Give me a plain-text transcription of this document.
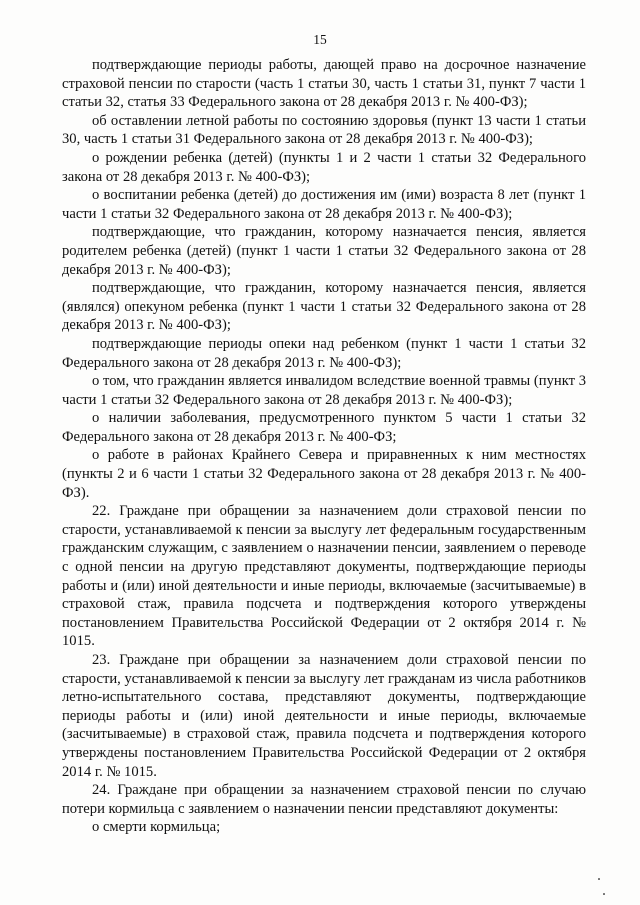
15

подтверждающие периоды работы, дающей право на досрочное назначение страховой пенсии по старости (часть 1 статьи 30, часть 1 статьи 31, пункт 7 части 1 статьи 32, статья 33 Федерального закона от 28 декабря 2013 г. № 400-ФЗ);

об оставлении летной работы по состоянию здоровья (пункт 13 части 1 статьи 30, часть 1 статьи 31 Федерального закона от 28 декабря 2013 г. № 400-ФЗ);

о рождении ребенка (детей) (пункты 1 и 2 части 1 статьи 32 Федерального закона от 28 декабря 2013 г. № 400-ФЗ);

о воспитании ребенка (детей) до достижения им (ими) возраста 8 лет (пункт 1 части 1 статьи 32 Федерального закона от 28 декабря 2013 г. № 400-ФЗ);

подтверждающие, что гражданин, которому назначается пенсия, является родителем ребенка (детей) (пункт 1 части 1 статьи 32 Федерального закона от 28 декабря 2013 г. № 400-ФЗ);

подтверждающие, что гражданин, которому назначается пенсия, является (являлся) опекуном ребенка (пункт 1 части 1 статьи 32 Федерального закона от 28 декабря 2013 г. № 400-ФЗ);

подтверждающие периоды опеки над ребенком (пункт 1 части 1 статьи 32 Федерального закона от 28 декабря 2013 г. № 400-ФЗ);

о том, что гражданин является инвалидом вследствие военной травмы (пункт 3 части 1 статьи 32 Федерального закона от 28 декабря 2013 г. № 400-ФЗ);

о наличии заболевания, предусмотренного пунктом 5 части 1 статьи 32 Федерального закона от 28 декабря 2013 г. № 400-ФЗ;

о работе в районах Крайнего Севера и приравненных к ним местностях (пункты 2 и 6 части 1 статьи 32 Федерального закона от 28 декабря 2013 г. № 400-ФЗ).

22. Граждане при обращении за назначением доли страховой пенсии по старости, устанавливаемой к пенсии за выслугу лет федеральным государственным гражданским служащим, с заявлением о назначении пенсии, заявлением о переводе с одной пенсии на другую представляют документы, подтверждающие периоды работы и (или) иной деятельности и иные периоды, включаемые (засчитываемые) в страховой стаж, правила подсчета и подтверждения которого утверждены постановлением Правительства Российской Федерации от 2 октября 2014 г. № 1015.

23. Граждане при обращении за назначением доли страховой пенсии по старости, устанавливаемой к пенсии за выслугу лет гражданам из числа работников летно-испытательного состава, представляют документы, подтверждающие периоды работы и (или) иной деятельности и иные периоды, включаемые (засчитываемые) в страховой стаж, правила подсчета и подтверждения которого утверждены постановлением Правительства Российской Федерации от 2 октября 2014 г. № 1015.

24. Граждане при обращении за назначением страховой пенсии по случаю потери кормильца с заявлением о назначении пенсии представляют документы:

о смерти кормильца;
